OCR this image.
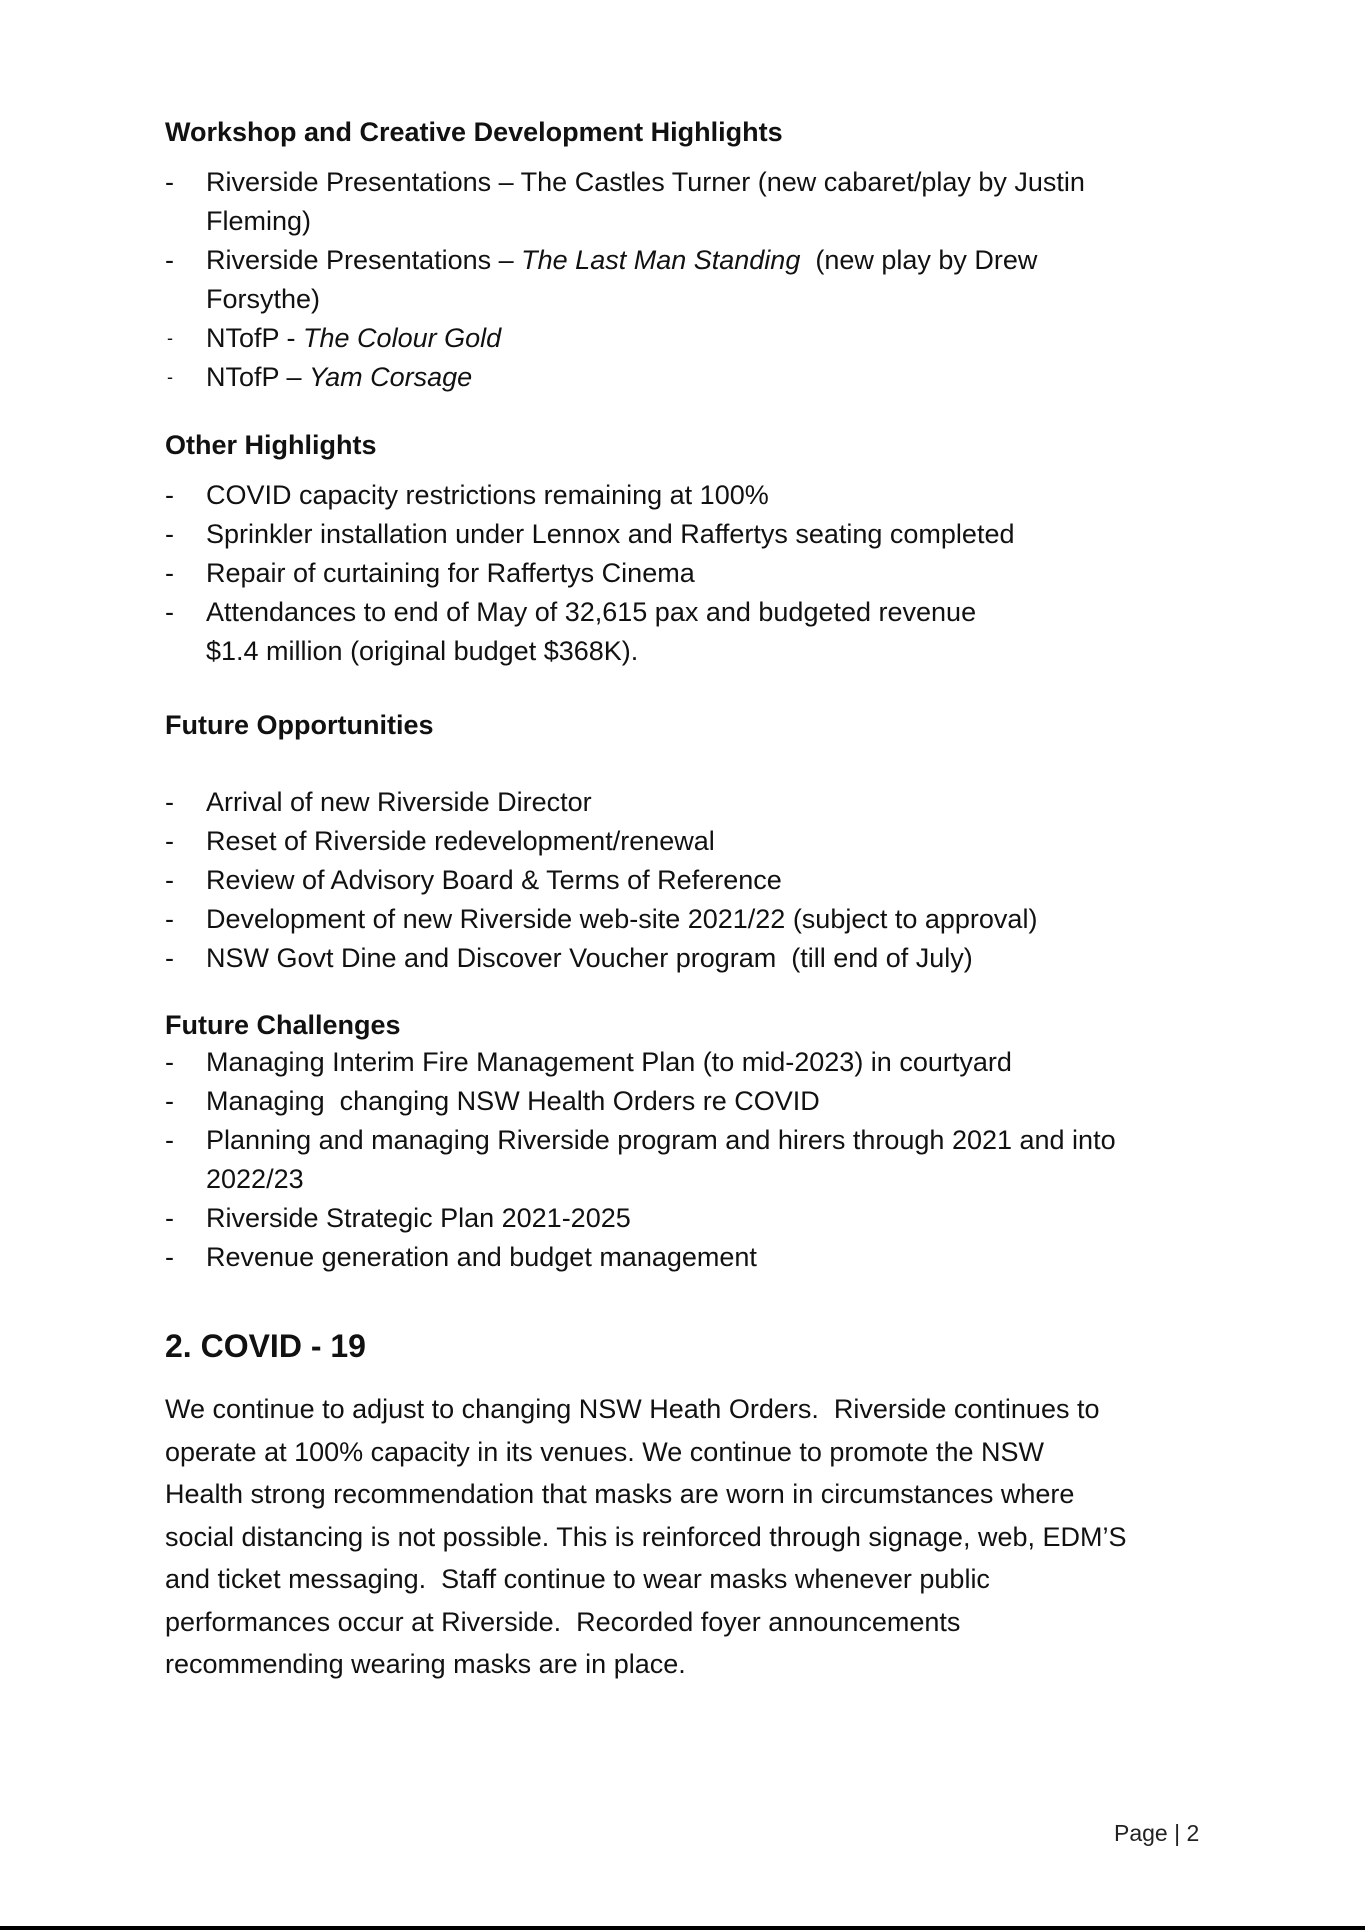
Workshop and Creative Development Highlights
- Riverside Presentations – The Castles Turner (new cabaret/play by Justin
Fleming)
- Riverside Presentations – The Last Man Standing  (new play by Drew
Forsythe)
- NTofP - The Colour Gold
- NTofP – Yam Corsage
Other Highlights
- COVID capacity restrictions remaining at 100%
- Sprinkler installation under Lennox and Raffertys seating completed
- Repair of curtaining for Raffertys Cinema
- Attendances to end of May of 32,615 pax and budgeted revenue
$1.4 million (original budget $368K).
Future Opportunities
- Arrival of new Riverside Director
- Reset of Riverside redevelopment/renewal
- Review of Advisory Board & Terms of Reference
- Development of new Riverside web-site 2021/22 (subject to approval)
- NSW Govt Dine and Discover Voucher program  (till end of July)
Future Challenges
- Managing Interim Fire Management Plan (to mid-2023) in courtyard
- Managing  changing NSW Health Orders re COVID
- Planning and managing Riverside program and hirers through 2021 and into
2022/23
- Riverside Strategic Plan 2021-2025
- Revenue generation and budget management
2. COVID - 19

We continue to adjust to changing NSW Heath Orders.  Riverside continues to
operate at 100% capacity in its venues. We continue to promote the NSW
Health strong recommendation that masks are worn in circumstances where
social distancing is not possible. This is reinforced through signage, web, EDM’S
and ticket messaging.  Staff continue to wear masks whenever public
performances occur at Riverside.  Recorded foyer announcements
recommending wearing masks are in place.

Page | 2
